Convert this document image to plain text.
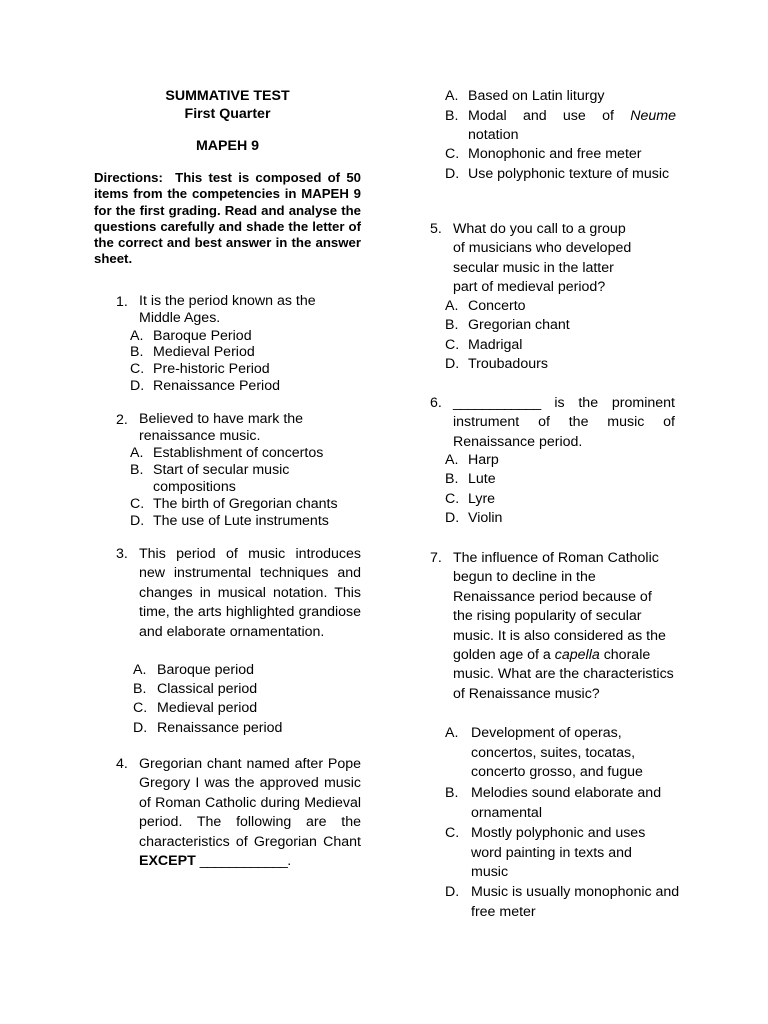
SUMMATIVE TEST
First Quarter
MAPEH 9
Directions: This test is composed of 50 items from the competencies in MAPEH 9 for the first grading. Read and analyse the questions carefully and shade the letter of the correct and best answer in the answer sheet.
1. It is the period known as the Middle Ages.
A. Baroque Period
B. Medieval Period
C. Pre-historic Period
D. Renaissance Period
2. Believed to have mark the renaissance music.
A. Establishment of concertos
B. Start of secular music compositions
C. The birth of Gregorian chants
D. The use of Lute instruments
3. This period of music introduces new instrumental techniques and changes in musical notation. This time, the arts highlighted grandiose and elaborate ornamentation.
A. Baroque period
B. Classical period
C. Medieval period
D. Renaissance period
4. Gregorian chant named after Pope Gregory I was the approved music of Roman Catholic during Medieval period. The following are the characteristics of Gregorian Chant EXCEPT ____________.
A. Based on Latin liturgy
B. Modal and use of Neume notation
C. Monophonic and free meter
D. Use polyphonic texture of music
5. What do you call to a group of musicians who developed secular music in the latter part of medieval period?
A. Concerto
B. Gregorian chant
C. Madrigal
D. Troubadours
6. ____________ is the prominent instrument of the music of Renaissance period.
A. Harp
B. Lute
C. Lyre
D. Violin
7. The influence of Roman Catholic begun to decline in the Renaissance period because of the rising popularity of secular music. It is also considered as the golden age of a capella chorale music. What are the characteristics of Renaissance music?
A. Development of operas, concertos, suites, tocatas, concerto grosso, and fugue
B. Melodies sound elaborate and ornamental
C. Mostly polyphonic and uses word painting in texts and music
D. Music is usually monophonic and free meter
